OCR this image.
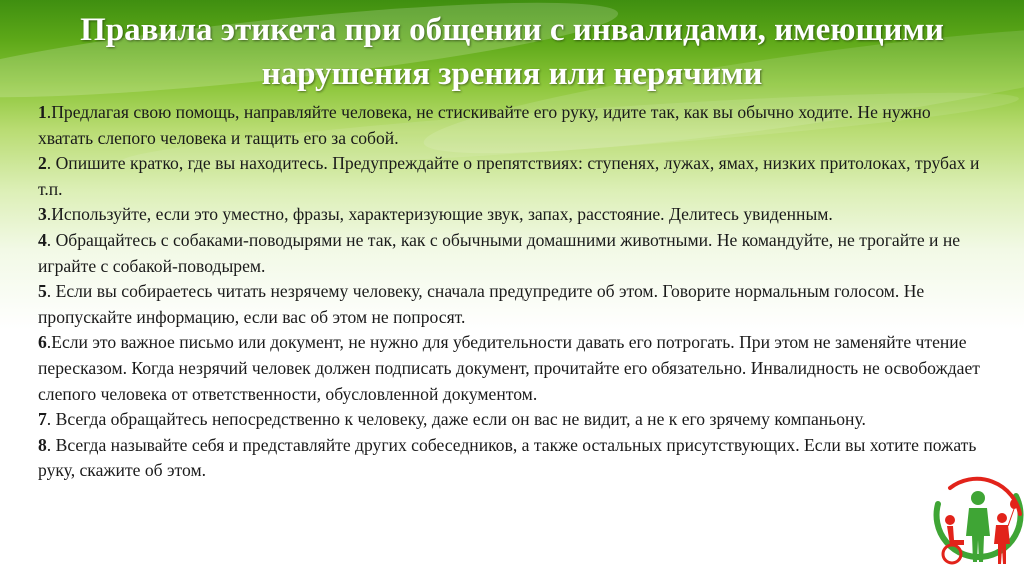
Правила этикета при общении с инвалидами, имеющими нарушения зрения или нерячими

1.Предлагая свою помощь, направляйте человека, не стискивайте его руку, идите так, как вы обычно ходите. Не нужно хватать слепого человека и тащить его за собой.

2. Опишите кратко, где вы находитесь. Предупреждайте о препятствиях: ступенях, лужах, ямах, низких притолоках, трубах и т.п.

3.Используйте, если это уместно, фразы, характеризующие звук, запах, расстояние. Делитесь увиденным.

4. Обращайтесь с собаками-поводырями не так, как с обычными домашними животными. Не командуйте, не трогайте и не играйте с собакой-поводырем.

5. Если вы собираетесь читать незрячему человеку, сначала предупредите об этом. Говорите нормальным голосом. Не пропускайте информацию, если вас об этом не попросят.

6.Если это важное письмо или документ, не нужно для убедительности давать его потрогать. При этом не заменяйте чтение пересказом. Когда незрячий человек должен подписать документ, прочитайте его обязательно. Инвалидность не освобождает слепого человека от ответственности, обусловленной документом.

7. Всегда обращайтесь непосредственно к человеку, даже если он вас не видит, а не к его зрячему компаньону.

8. Всегда называйте себя и представляйте других собеседников, а также остальных присутствующих. Если вы хотите пожать руку, скажите об этом.
